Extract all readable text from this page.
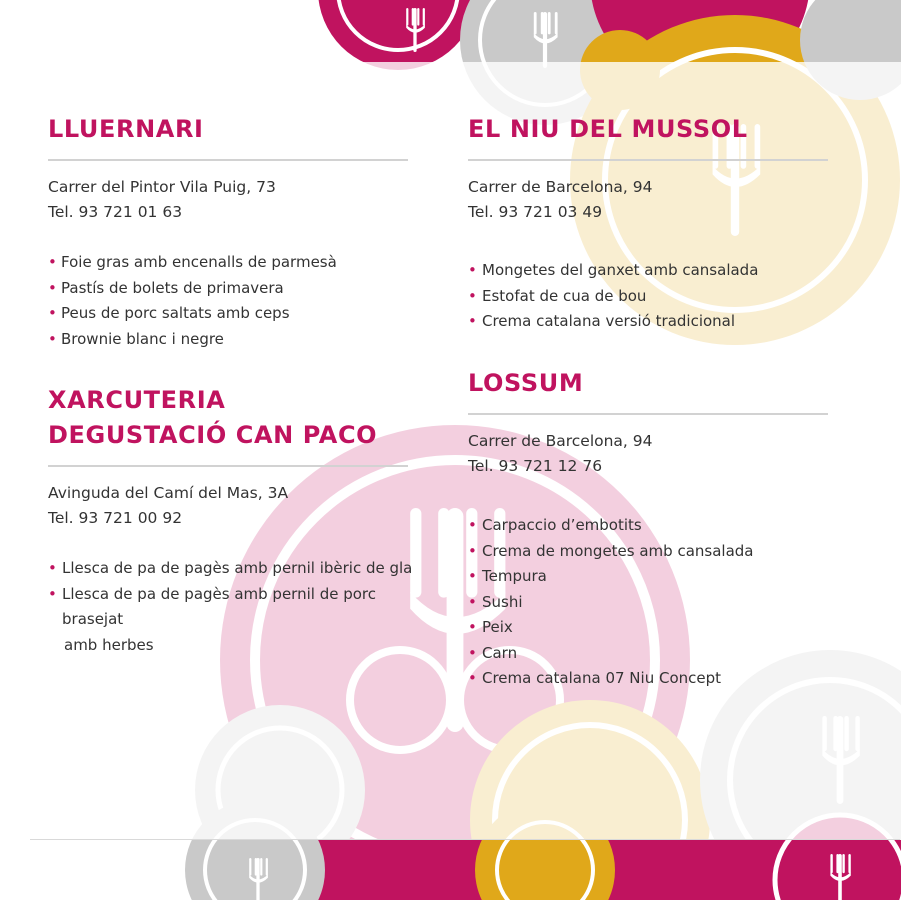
LLUERNARI
Carrer del Pintor Vila Puig, 73
Tel. 93 721 01 63
• Foie gras amb encenalls de parmesà
• Pastís de bolets de primavera
• Peus de porc saltats amb ceps
• Brownie blanc i negre
XARCUTERIA
DEGUSTACIÓ CAN PACO
Avinguda del Camí del Mas, 3A
Tel. 93 721 00 92
• Llesca de pa de pagès amb pernil ibèric de gla
• Llesca de pa de pagès amb pernil de porc brasejat
amb herbes
EL NIU DEL MUSSOL
Carrer de Barcelona, 94
Tel. 93 721 03 49
• Mongetes del ganxet amb cansalada
• Estofat de cua de bou
• Crema catalana versió tradicional
LOSSUM
Carrer de Barcelona, 94
Tel. 93 721 12 76
• Carpaccio d’embotits
• Crema de mongetes amb cansalada
• Tempura
• Sushi
• Peix
• Carn
• Crema catalana 07 Niu Concept
